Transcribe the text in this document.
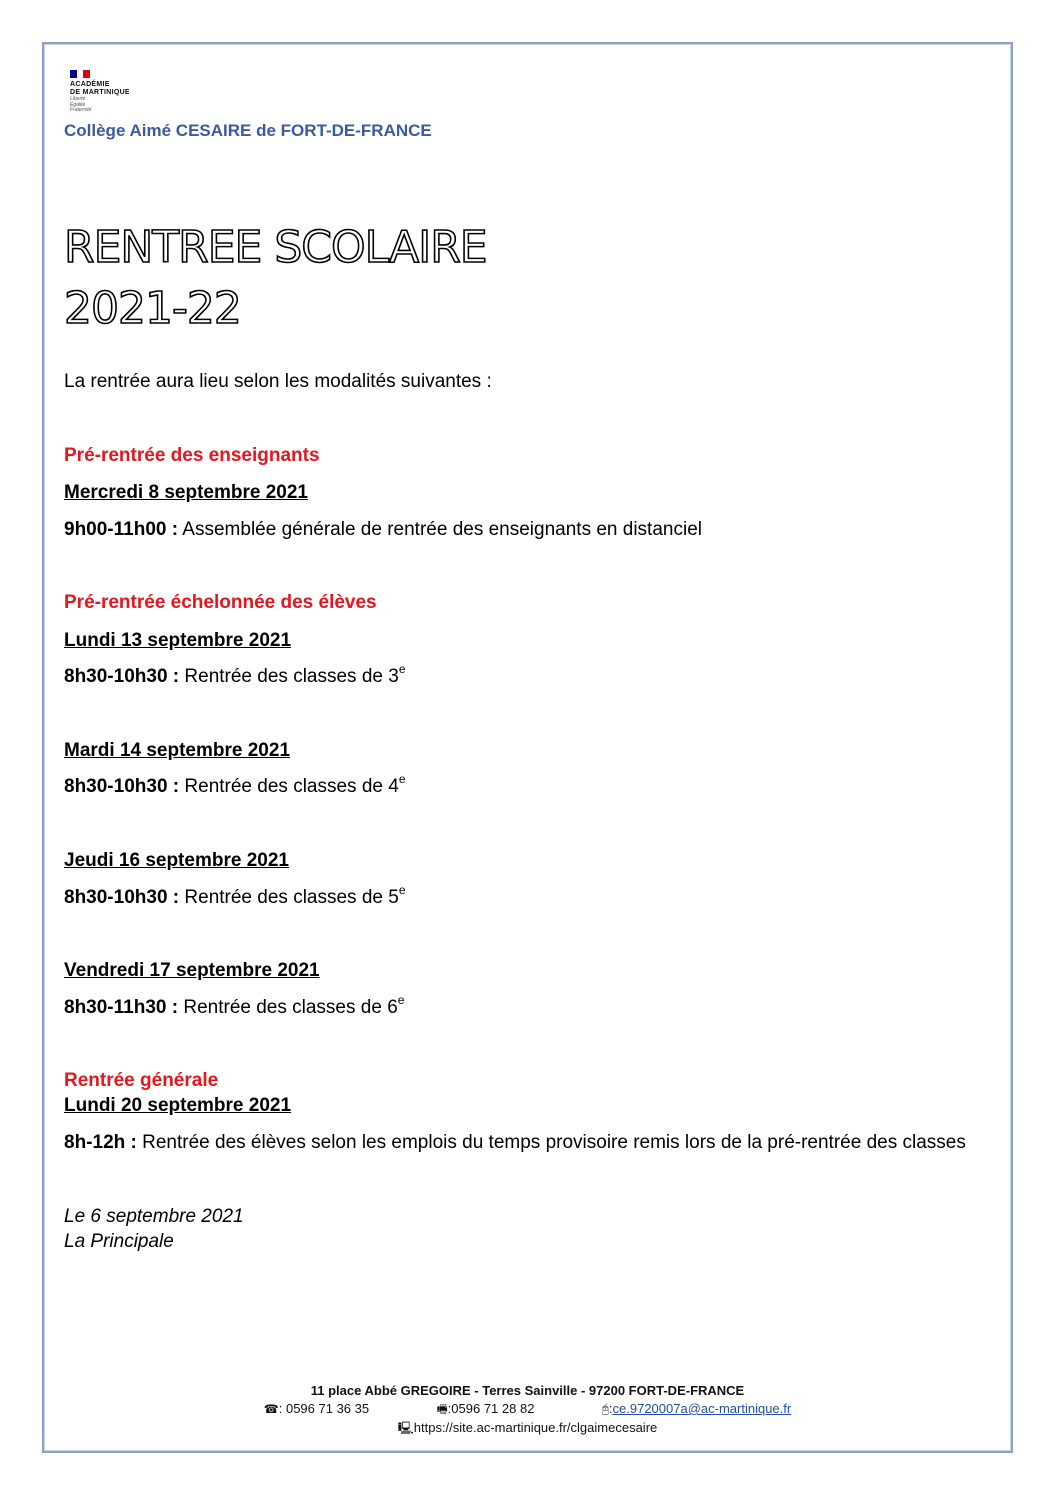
ACADÉMIE
DE MARTINIQUE
Liberté
Égalité
Fraternité
Collège Aimé CESAIRE de FORT-DE-FRANCE
RENTREE SCOLAIRE
2021-22
La rentrée aura lieu selon les modalités suivantes :
Pré-rentrée des enseignants
Mercredi 8 septembre 2021
9h00-11h00 : Assemblée générale de rentrée des enseignants en distanciel
Pré-rentrée échelonnée des élèves
Lundi 13 septembre 2021
8h30-10h30 : Rentrée des classes de 3e
Mardi 14 septembre 2021
8h30-10h30 : Rentrée des classes de 4e
Jeudi 16 septembre 2021
8h30-10h30 : Rentrée des classes de 5e
Vendredi 17 septembre 2021
8h30-11h30 : Rentrée des classes de 6e
Rentrée générale
Lundi 20 septembre 2021
8h-12h : Rentrée des élèves selon les emplois du temps provisoire remis lors de la pré-rentrée des classes
Le 6 septembre 2021
La Principale
11 place Abbé GREGOIRE - Terres Sainville - 97200 FORT-DE-FRANCE
☎: 0596 71 36 35	🖷:0596 71 28 82	🖰:ce.9720007a@ac-martinique.fr
🖳https://site.ac-martinique.fr/clgaimecesaire
